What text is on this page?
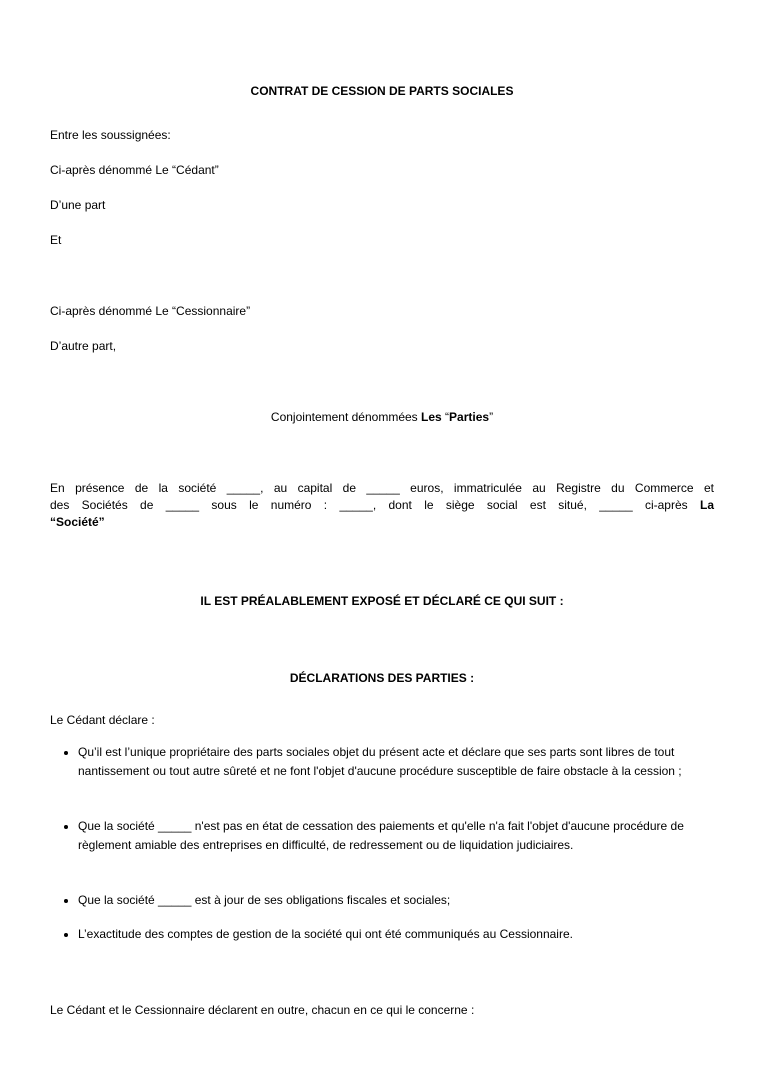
CONTRAT DE CESSION DE PARTS SOCIALES
Entre les soussignées:
Ci-après dénommé Le “Cédant”
D’une part
Et
Ci-après dénommé Le “Cessionnaire”
D’autre part,
Conjointement dénommées Les “Parties”
En présence de la société _____, au capital de _____ euros, immatriculée au Registre du Commerce et
des Sociétés de _____ sous le numéro : _____, dont le siège social est situé, _____ ci-après La
“Société”
IL EST PRÉALABLEMENT EXPOSÉ ET DÉCLARÉ CE QUI SUIT :
DÉCLARATIONS DES PARTIES :
Le Cédant déclare :
Qu’il est l’unique propriétaire des parts sociales objet du présent acte et déclare que ses parts sont libres de tout nantissement ou tout autre sûreté et ne font l'objet d'aucune procédure susceptible de faire obstacle à la cession ;
Que la société _____ n'est pas en état de cessation des paiements et qu'elle n'a fait l'objet d'aucune procédure de règlement amiable des entreprises en difficulté, de redressement ou de liquidation judiciaires.
Que la société _____ est à jour de ses obligations fiscales et sociales;
L’exactitude des comptes de gestion de la société qui ont été communiqués au Cessionnaire.
Le Cédant et le Cessionnaire déclarent en outre, chacun en ce qui le concerne :
